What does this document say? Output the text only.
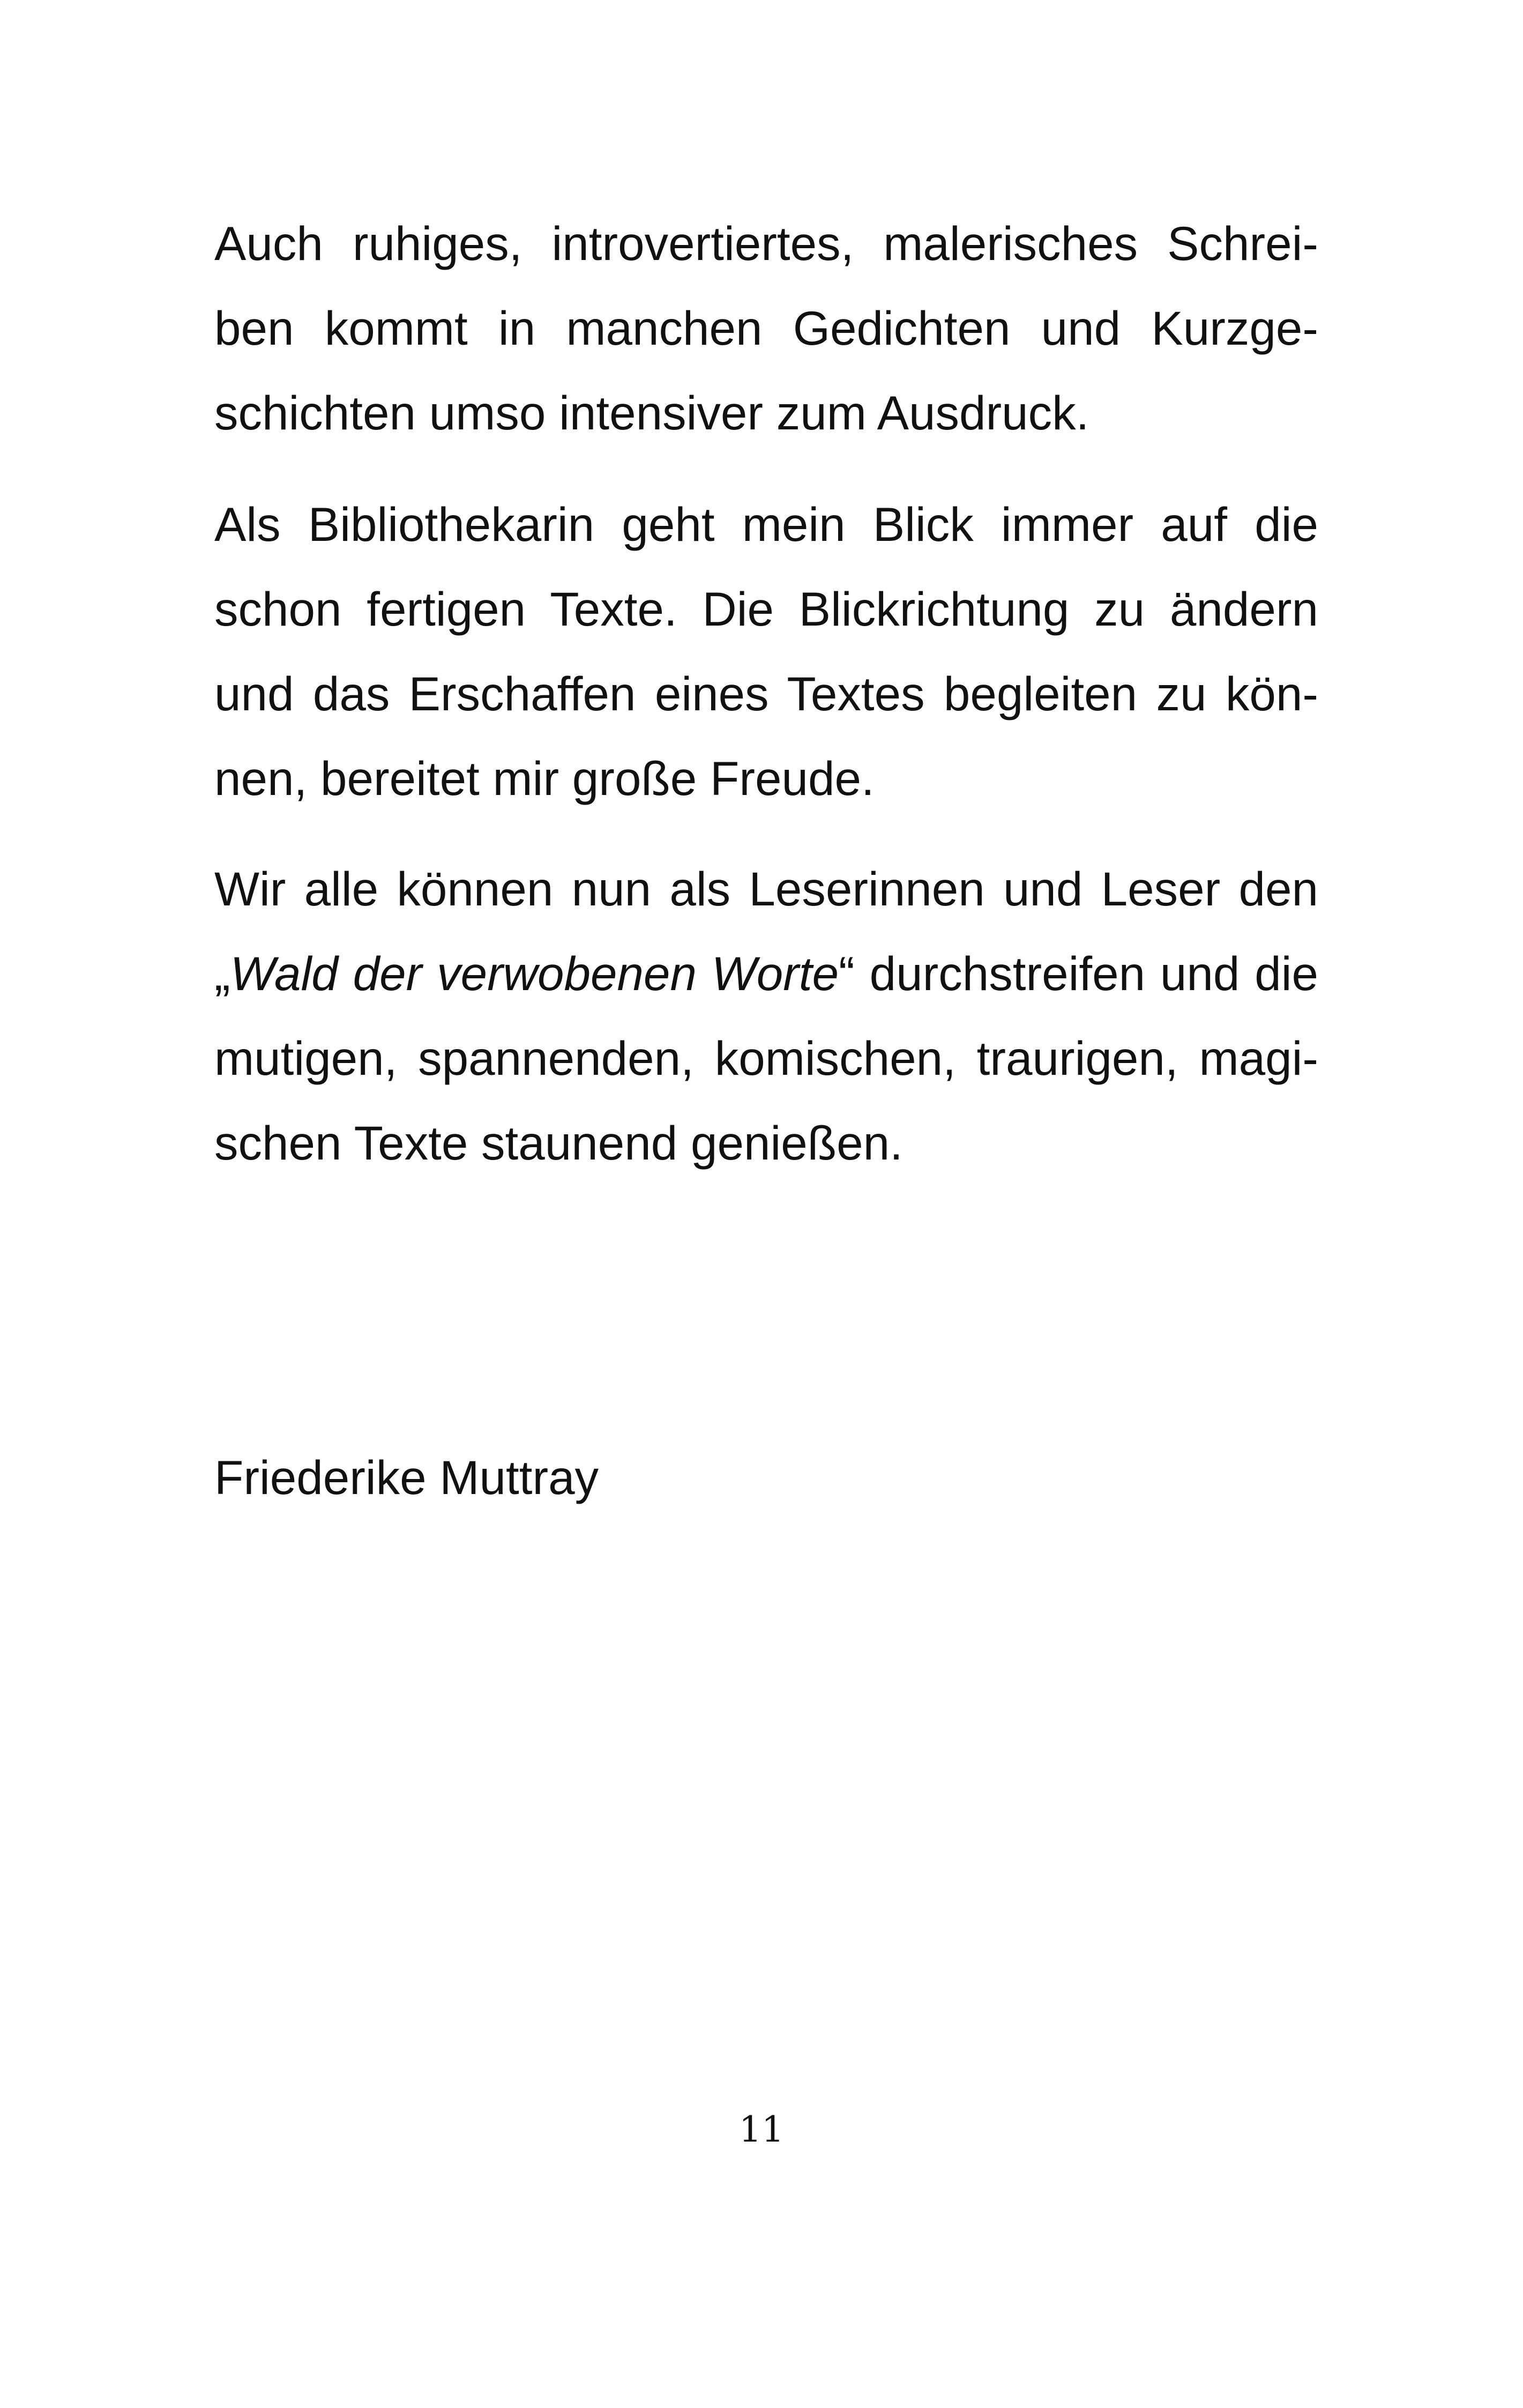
Auch ruhiges, introvertiertes, malerisches Schrei-
ben kommt in manchen Gedichten und Kurzge-
schichten umso intensiver zum Ausdruck.
Als Bibliothekarin geht mein Blick immer auf die
schon fertigen Texte. Die Blickrichtung zu ändern
und das Erschaffen eines Textes begleiten zu kön-
nen, bereitet mir große Freude.
Wir alle können nun als Leserinnen und Leser den
„Wald der verwobenen Worte“ durchstreifen und die
mutigen, spannenden, komischen, traurigen, magi-
schen Texte staunend genießen.
Friederike Muttray
11
